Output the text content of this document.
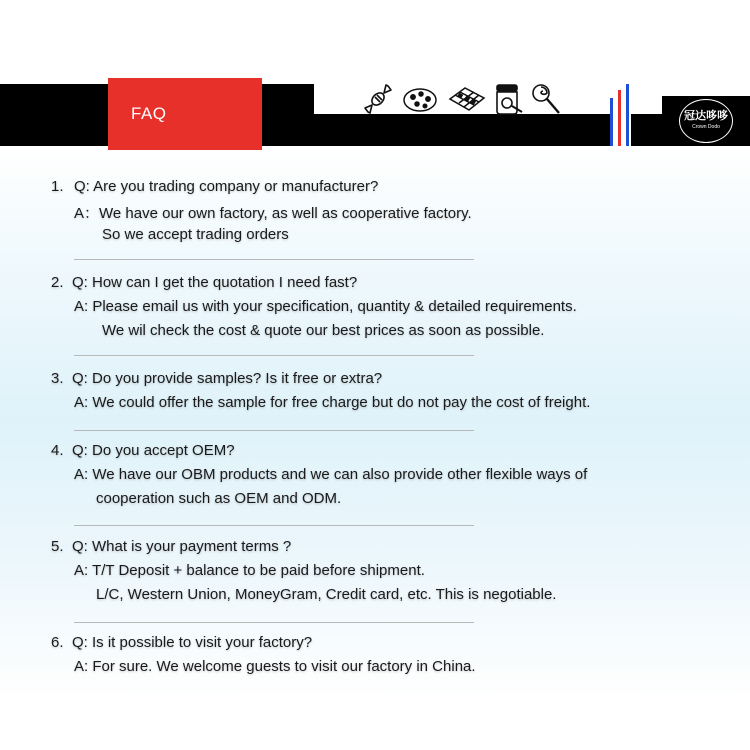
FAQ	冠达哆哆
Crown Dodo
1. Q: Are you trading company or manufacturer?
A：We have our own factory, as well as cooperative factory.
So we accept trading orders
2. Q: How can I get the quotation I need fast?
A: Please email us with your specification, quantity & detailed requirements.
We wil check the cost & quote our best prices as soon as possible.
3. Q: Do you provide samples? Is it free or extra?
A: We could offer the sample for free charge but do not pay the cost of freight.
4. Q: Do you accept OEM?
A: We have our OBM products and we can also provide other flexible ways of
cooperation such as OEM and ODM.
5. Q: What is your payment terms ?
A: T/T Deposit + balance to be paid before shipment.
L/C, Western Union, MoneyGram, Credit card, etc. This is negotiable.
6. Q: Is it possible to visit your factory?
A: For sure. We welcome guests to visit our factory in China.
